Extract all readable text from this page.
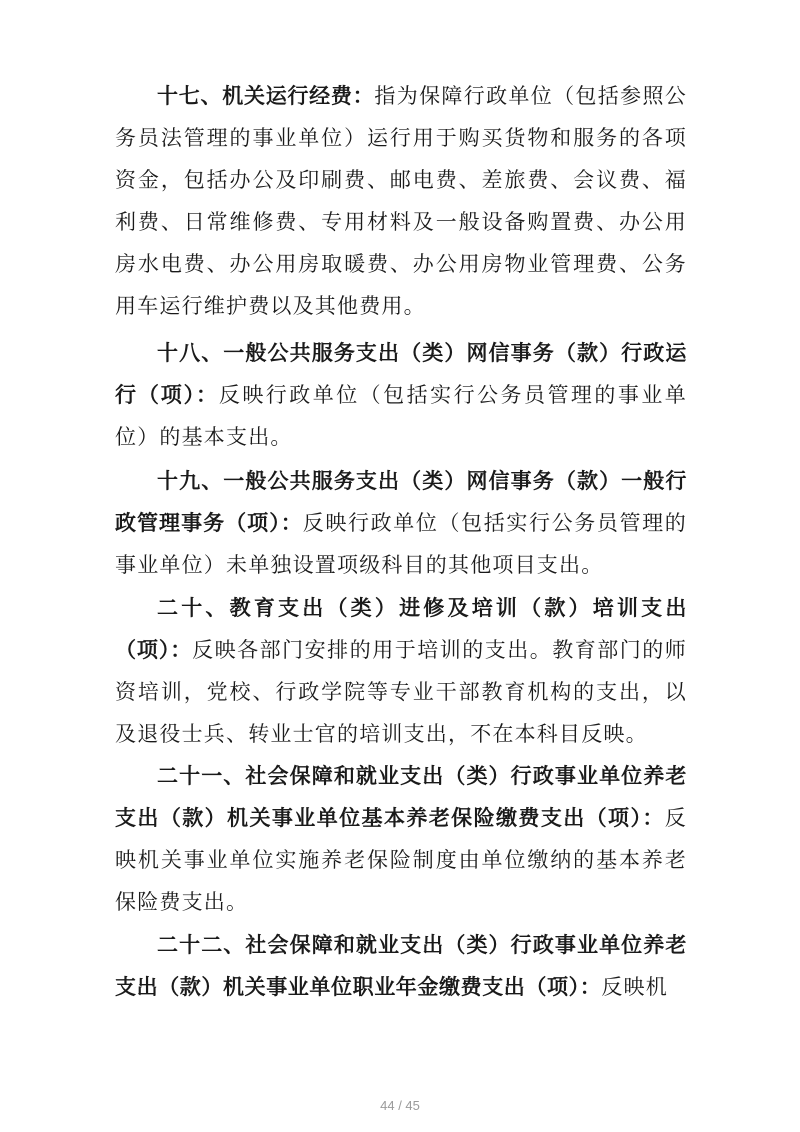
十七、机关运行经费：指为保障行政单位（包括参照公务员法管理的事业单位）运行用于购买货物和服务的各项资金，包括办公及印刷费、邮电费、差旅费、会议费、福利费、日常维修费、专用材料及一般设备购置费、办公用房水电费、办公用房取暖费、办公用房物业管理费、公务用车运行维护费以及其他费用。

十八、一般公共服务支出（类）网信事务（款）行政运行（项）：反映行政单位（包括实行公务员管理的事业单位）的基本支出。

十九、一般公共服务支出（类）网信事务（款）一般行政管理事务（项）：反映行政单位（包括实行公务员管理的事业单位）未单独设置项级科目的其他项目支出。

二十、教育支出（类）进修及培训（款）培训支出（项）：反映各部门安排的用于培训的支出。教育部门的师资培训，党校、行政学院等专业干部教育机构的支出，以及退役士兵、转业士官的培训支出，不在本科目反映。

二十一、社会保障和就业支出（类）行政事业单位养老支出（款）机关事业单位基本养老保险缴费支出（项）：反映机关事业单位实施养老保险制度由单位缴纳的基本养老保险费支出。

二十二、社会保障和就业支出（类）行政事业单位养老支出（款）机关事业单位职业年金缴费支出（项）：反映机

44 / 45
